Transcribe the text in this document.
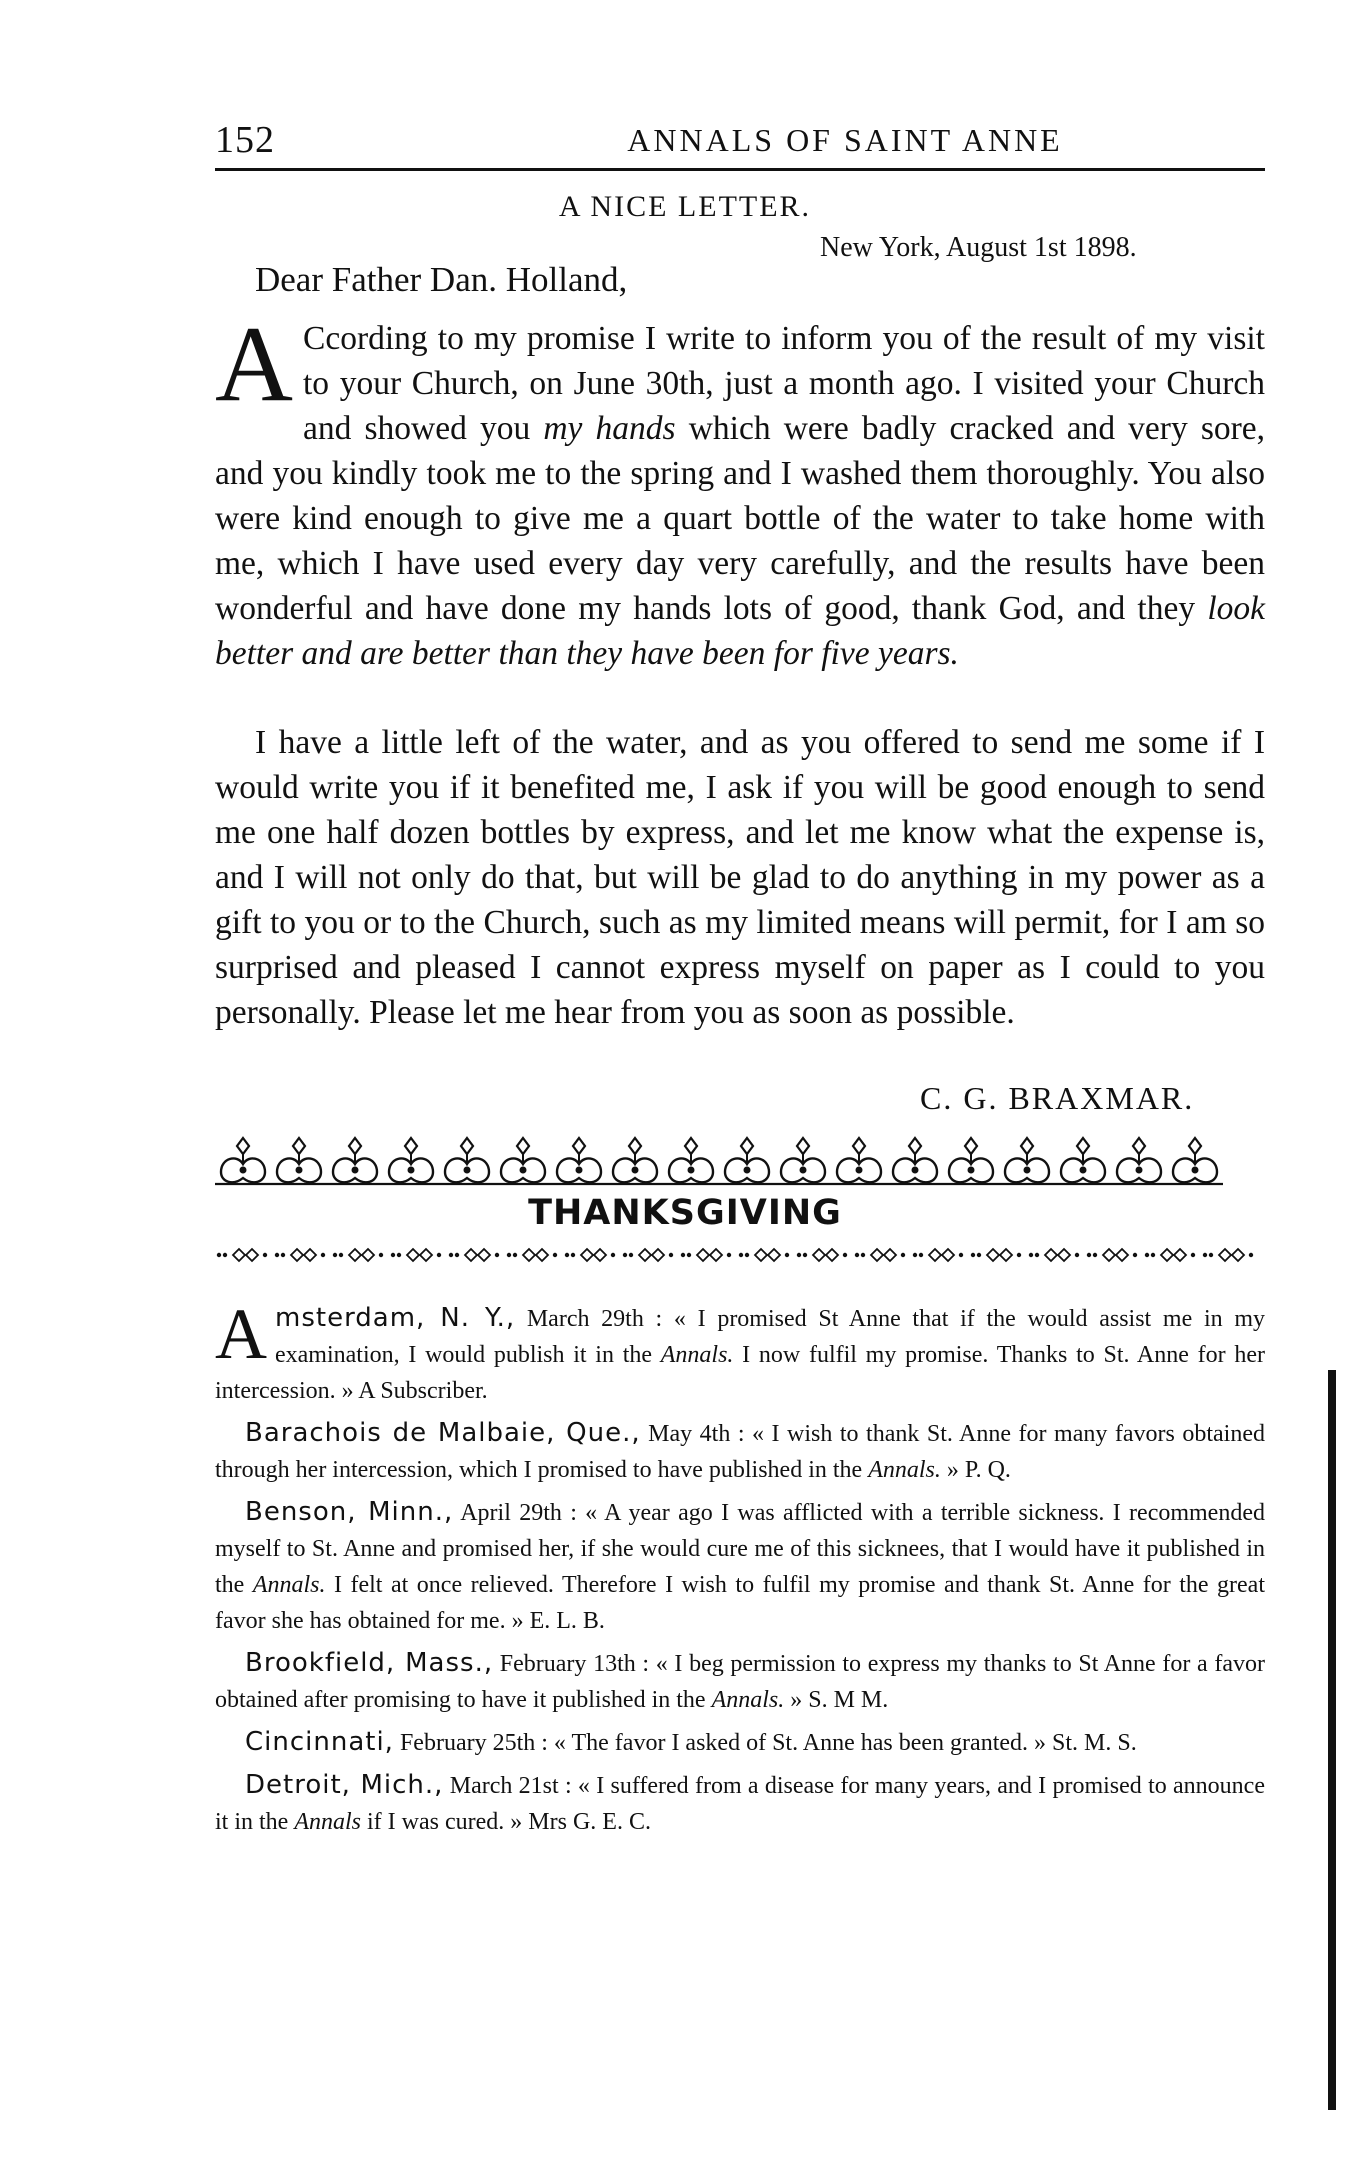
152	ANNALS OF SAINT ANNE
A NICE LETTER.
New York, August 1st 1898.
Dear Father Dan. Holland,
A Ccording to my promise I write to inform you of the result of my visit to your Church, on June 30th, just a month ago. I visited your Church and showed you my hands which were badly cracked and very sore, and you kindly took me to the spring and I washed them thoroughly. You also were kind enough to give me a quart bottle of the water to take home with me, which I have used every day very carefully, and the results have been wonderful and have done my hands lots of good, thank God, and they look better and are better than they have been for five years.
I have a little left of the water, and as you offered to send me some if I would write you if it benefited me, I ask if you will be good enough to send me one half dozen bottles by express, and let me know what the expense is, and I will not only do that, but will be glad to do anything in my power as a gift to you or to the Church, such as my limited means will permit, for I am so surprised and pleased I cannot express myself on paper as I could to you personally. Please let me hear from you as soon as possible.
C. G. BRAXMAR.
THANKSGIVING
Amsterdam, N. Y., March 29th : « I promised St Anne that if the would assist me in my examination, I would publish it in the Annals. I now fulfil my promise. Thanks to St. Anne for her intercession. » A Subscriber.
Barachois de Malbaie, Que., May 4th : « I wish to thank St. Anne for many favors obtained through her intercession, which I promised to have published in the Annals. » P. Q.
Benson, Minn., April 29th : « A year ago I was afflicted with a terrible sickness. I recommended myself to St. Anne and promised her, if she would cure me of this sicknees, that I would have it published in the Annals. I felt at once relieved. Therefore I wish to fulfil my promise and thank St. Anne for the great favor she has obtained for me. » E. L. B.
Brookfield, Mass., February 13th : « I beg permission to express my thanks to St Anne for a favor obtained after promising to have it published in the Annals. » S. M M.
Cincinnati, February 25th : « The favor I asked of St. Anne has been granted. » St. M. S.
Detroit, Mich., March 21st : « I suffered from a disease for many years, and I promised to announce it in the Annals if I was cured. » Mrs G. E. C.
